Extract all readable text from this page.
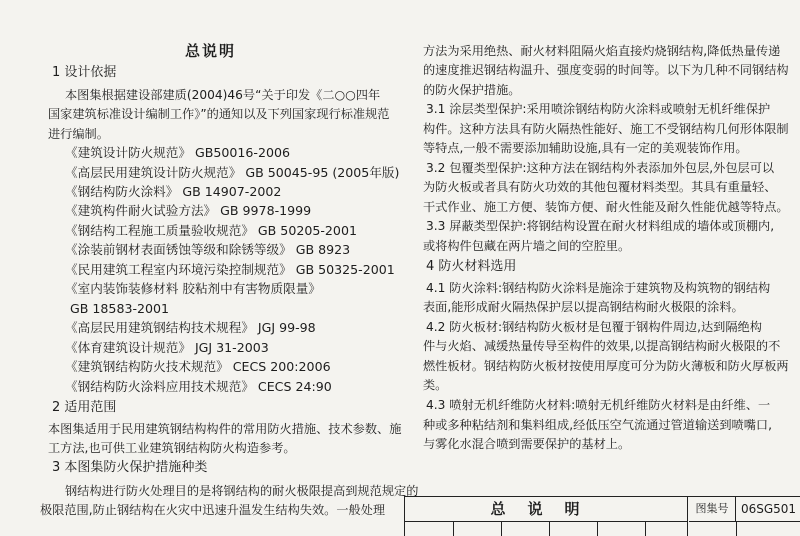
总说明
1 设计依据
本图集根据建设部建质(2004)46号“关于印发《二○○四年
国家建筑标准设计编制工作》”的通知以及下列国家现行标准规范
进行编制。
《建筑设计防火规范》 GB50016-2006
《高层民用建筑设计防火规范》 GB 50045-95 (2005年版)
《钢结构防火涂料》 GB 14907-2002
《建筑构件耐火试验方法》 GB 9978-1999
《钢结构工程施工质量验收规范》 GB 50205-2001
《涂装前钢材表面锈蚀等级和除锈等级》 GB 8923
《民用建筑工程室内环境污染控制规范》 GB 50325-2001
《室内装饰装修材料 胶粘剂中有害物质限量》
GB 18583-2001
《高层民用建筑钢结构技术规程》 JGJ 99-98
《体育建筑设计规范》 JGJ 31-2003
《建筑钢结构防火技术规范》 CECS 200:2006
《钢结构防火涂料应用技术规范》 CECS 24:90
2 适用范围
本图集适用于民用建筑钢结构构件的常用防火措施、技术参数、施
工方法,也可供工业建筑钢结构防火构造参考。
3 本图集防火保护措施种类
钢结构进行防火处理目的是将钢结构的耐火极限提高到规范规定的
极限范围,防止钢结构在火灾中迅速升温发生结构失效。一般处理
方法为采用绝热、耐火材料阻隔火焰直接灼烧钢结构,降低热量传递
的速度推迟钢结构温升、强度变弱的时间等。以下为几种不同钢结构
的防火保护措施。
3.1 涂层类型保护:采用喷涂钢结构防火涂料或喷射无机纤维保护
构件。这种方法具有防火隔热性能好、施工不受钢结构几何形体限制
等特点,一般不需要添加辅助设施,具有一定的美观装饰作用。
3.2 包覆类型保护:这种方法在钢结构外表添加外包层,外包层可以
为防火板或者具有防火功效的其他包覆材料类型。其具有重量轻、
干式作业、施工方便、装饰方便、耐火性能及耐久性能优越等特点。
3.3 屏蔽类型保护:将钢结构设置在耐火材料组成的墙体或顶棚内,
或将构件包藏在两片墙之间的空腔里。
4 防火材料选用
4.1 防火涂料:钢结构防火涂料是施涂于建筑物及构筑物的钢结构
表面,能形成耐火隔热保护层以提高钢结构耐火极限的涂料。
4.2 防火板材:钢结构防火板材是包覆于钢构件周边,达到隔绝构
件与火焰、减缓热量传导至构件的效果,以提高钢结构耐火极限的不
燃性板材。钢结构防火板材按使用厚度可分为防火薄板和防火厚板两
类。
4.3 喷射无机纤维防火材料:喷射无机纤维防火材料是由纤维、一
种或多种粘结剂和集料组成,经低压空气流通过管道输送到喷嘴口,
与雾化水混合喷到需要保护的基材上。
总说明	图集号	06SG501
